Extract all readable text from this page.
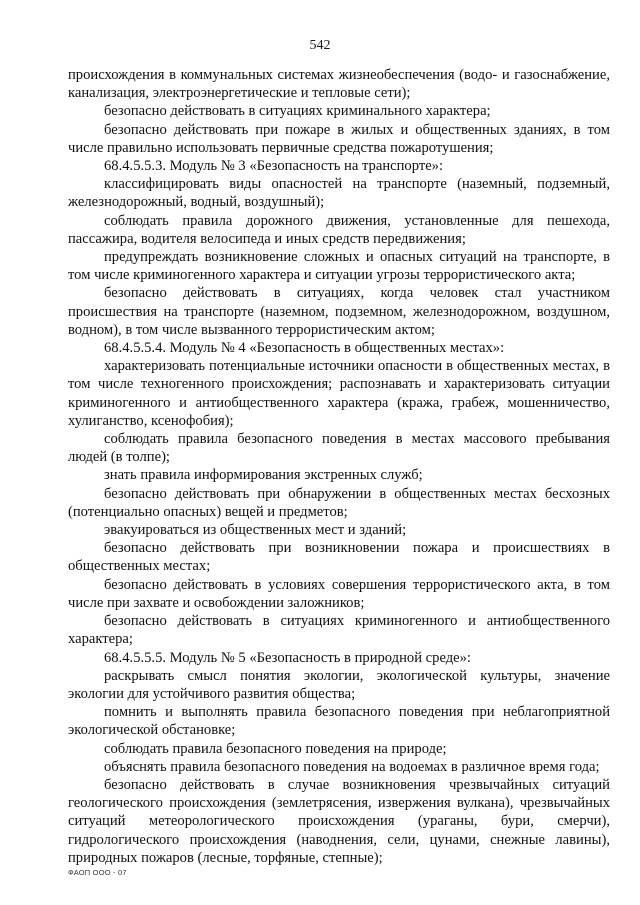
542

происхождения в коммунальных системах жизнеобеспечения (водо- и газоснабжение, канализация, электроэнергетические и тепловые сети);

безопасно действовать в ситуациях криминального характера;

безопасно действовать при пожаре в жилых и общественных зданиях, в том числе правильно использовать первичные средства пожаротушения;

68.4.5.5.3. Модуль № 3 «Безопасность на транспорте»:

классифицировать виды опасностей на транспорте (наземный, подземный, железнодорожный, водный, воздушный);

соблюдать правила дорожного движения, установленные для пешехода, пассажира, водителя велосипеда и иных средств передвижения;

предупреждать возникновение сложных и опасных ситуаций на транспорте, в том числе криминогенного характера и ситуации угрозы террористического акта;

безопасно действовать в ситуациях, когда человек стал участником происшествия на транспорте (наземном, подземном, железнодорожном, воздушном, водном), в том числе вызванного террористическим актом;

68.4.5.5.4. Модуль № 4 «Безопасность в общественных местах»:

характеризовать потенциальные источники опасности в общественных местах, в том числе техногенного происхождения; распознавать и характеризовать ситуации криминогенного и антиобщественного характера (кража, грабеж, мошенничество, хулиганство, ксенофобия);

соблюдать правила безопасного поведения в местах массового пребывания людей (в толпе);

знать правила информирования экстренных служб;

безопасно действовать при обнаружении в общественных местах бесхозных (потенциально опасных) вещей и предметов;

эвакуироваться из общественных мест и зданий;

безопасно действовать при возникновении пожара и происшествиях в общественных местах;

безопасно действовать в условиях совершения террористического акта, в том числе при захвате и освобождении заложников;

безопасно действовать в ситуациях криминогенного и антиобщественного характера;

68.4.5.5.5. Модуль № 5 «Безопасность в природной среде»:

раскрывать смысл понятия экологии, экологической культуры, значение экологии для устойчивого развития общества;

помнить и выполнять правила безопасного поведения при неблагоприятной экологической обстановке;

соблюдать правила безопасного поведения на природе;

объяснять правила безопасного поведения на водоемах в различное время года;

безопасно действовать в случае возникновения чрезвычайных ситуаций геологического происхождения (землетрясения, извержения вулкана), чрезвычайных ситуаций метеорологического происхождения (ураганы, бури, смерчи), гидрологического происхождения (наводнения, сели, цунами, снежные лавины), природных пожаров (лесные, торфяные, степные);

ФАОП ООО - 07
